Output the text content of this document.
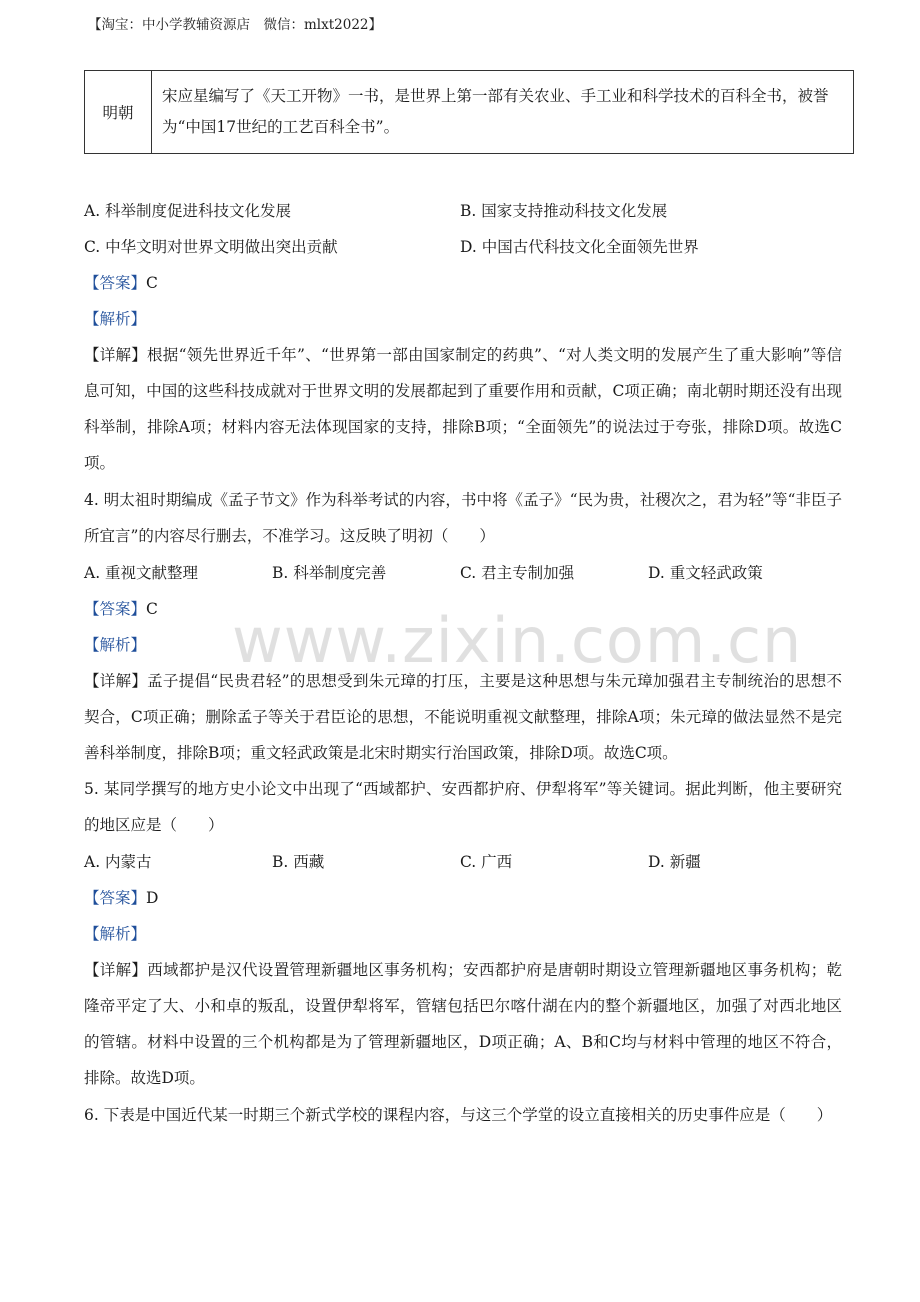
【淘宝：中小学教辅资源店　微信：mlxt2022】
明朝	宋应星编写了《天工开物》一书，是世界上第一部有关农业、手工业和科学技术的百科全书，被誉为“中国17世纪的工艺百科全书”。
A. 科举制度促进科技文化发展	B. 国家支持推动科技文化发展
C. 中华文明对世界文明做出突出贡献	D. 中国古代科技文化全面领先世界
【答案】C
【解析】
【详解】根据“领先世界近千年”、“世界第一部由国家制定的药典”、“对人类文明的发展产生了重大影响”等信息可知，中国的这些科技成就对于世界文明的发展都起到了重要作用和贡献，C项正确；南北朝时期还没有出现科举制，排除A项；材料内容无法体现国家的支持，排除B项；“全面领先”的说法过于夸张，排除D项。故选C项。
4. 明太祖时期编成《孟子节文》作为科举考试的内容，书中将《孟子》“民为贵，社稷次之，君为轻”等“非臣子所宜言”的内容尽行删去，不准学习。这反映了明初（　　）
A. 重视文献整理	B. 科举制度完善	C. 君主专制加强	D. 重文轻武政策
【答案】C
【解析】
【详解】孟子提倡“民贵君轻”的思想受到朱元璋的打压，主要是这种思想与朱元璋加强君主专制统治的思想不契合，C项正确；删除孟子等关于君臣论的思想，不能说明重视文献整理，排除A项；朱元璋的做法显然不是完善科举制度，排除B项；重文轻武政策是北宋时期实行治国政策，排除D项。故选C项。
5. 某同学撰写的地方史小论文中出现了“西域都护、安西都护府、伊犁将军”等关键词。据此判断，他主要研究的地区应是（　　）
A. 内蒙古	B. 西藏	C. 广西	D. 新疆
【答案】D
【解析】
【详解】西域都护是汉代设置管理新疆地区事务机构；安西都护府是唐朝时期设立管理新疆地区事务机构；乾隆帝平定了大、小和卓的叛乱，设置伊犁将军，管辖包括巴尔喀什湖在内的整个新疆地区，加强了对西北地区的管辖。材料中设置的三个机构都是为了管理新疆地区，D项正确；A、B和C均与材料中管理的地区不符合，排除。故选D项。
6. 下表是中国近代某一时期三个新式学校的课程内容，与这三个学堂的设立直接相关的历史事件应是（　　）
www.zixin.com.cn
